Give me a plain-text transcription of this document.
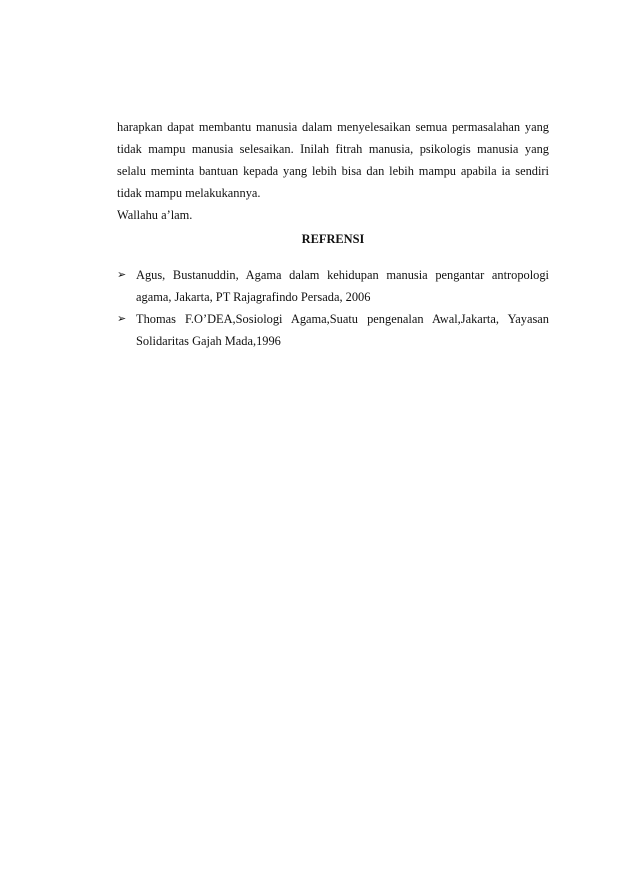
harapkan dapat membantu manusia dalam menyelesaikan semua permasalahan yang
tidak mampu manusia selesaikan. Inilah fitrah manusia, psikologis manusia yang
selalu meminta bantuan kepada yang lebih bisa dan lebih mampu apabila ia sendiri
tidak mampu melakukannya.

Wallahu a’lam.

REFRENSI
➢ Agus, Bustanuddin, Agama dalam kehidupan manusia pengantar antropologi
agama, Jakarta, PT Rajagrafindo Persada, 2006
➢ Thomas F.O’DEA,Sosiologi Agama,Suatu pengenalan Awal,Jakarta, Yayasan
Solidaritas Gajah Mada,1996
